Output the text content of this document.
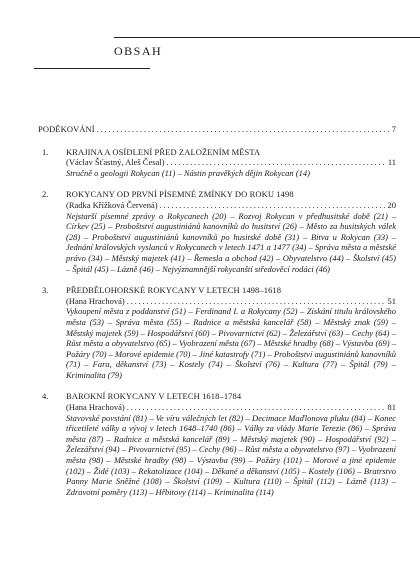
OBSAH
PODĚKOVÁNÍ .....	7
1. KRAJINA A OSÍDLENÍ PŘED ZALOŽENÍM MĚSTA
(Václav Šťastný, Aleš Česal) .....	11
Stručně o geologii Rokycan (11) – Nástin pravěkých dějin Rokycan (14)
2. ROKYCANY OD PRVNÍ PÍSEMNÉ ZMÍNKY DO ROKU 1498
(Radka Křížková Červená) .....	20
Nejstarší písemné zprávy o Rokycanech (20) – Rozvoj Rokycan v předhusitské době (21) – Církev (25) – Proboštství augustiniánů kanovníků do husitství (26) – Město za husitských válek (28) – Proboštství augustiniánů kanovníků po husitské době (31) – Bitva u Rokycan (33) – Jednání královských vyslanců v Rokycanech v letech 1471 a 1477 (34) – Správa města a městské právo (34) – Městský majetek (41) – Řemesla a obchod (42) – Obyvatelstvo (44) – Školství (45) – Špitál (45) – Lázně (46) – Nejvýznamnější rokycanští středověcí rodáci (46)
3. PŘEDBĚLOHORSKÉ ROKYCANY V LETECH 1498–1618
(Hana Hrachová) .....	51
Vykoupení města z poddanství (51) – Ferdinand I. a Rokycany (52) – Získání titulu královského města (53) – Správa města (55) – Radnice a městská kancelář (58) – Městský znak (59) – Městský majetek (59) – Hospodářství (60) – Pivovarnictví (62) – Železářství (63) – Cechy (64) – Růst města a obyvatelstvo (65) – Vyobrazení města (67) – Městské hradby (68) – Výstavba (69) – Požáry (70) – Morové epidemie (70) – Jiné katastrofy (71) – Proboštství augustiniánů kanovníků (71) – Fara, děkanství (73) – Kostely (74) – Školství (76) – Kultura (77) – Špitál (79) – Kriminalita (79)
4. BAROKNÍ ROKYCANY V LETECH 1618–1784
(Hana Hrachová) .....	81
Stavovské povstání (81) – Ve víru válečných let (82) – Decimace Maďlonova pluku (84) – Konec třicetileté války a vývoj v letech 1648–1740 (86) – Války za vlády Marie Terezie (86) – Správa města (87) – Radnice a městská kancelář (89) – Městský majetek (90) – Hospodářství (92) – Železářství (94) – Pivovarnictví (95) – Cechy (96) – Růst města a obyvatelstvo (97) – Vyobrazení města (98) – Městské hradby (98) – Výstavba (99) – Požáry (101) – Morové a jiné epidemie (102) – Židé (103) – Rekatolizace (104) – Děkané a děkanství (105) – Kostely (106) – Bratrstvo Panny Marie Sněžné (108) – Školství (109) – Kultura (110) – Špitál (112) – Lázně (113) – Zdravotní poměry (113) – Hřbitovy (114) – Kriminalita (114)
